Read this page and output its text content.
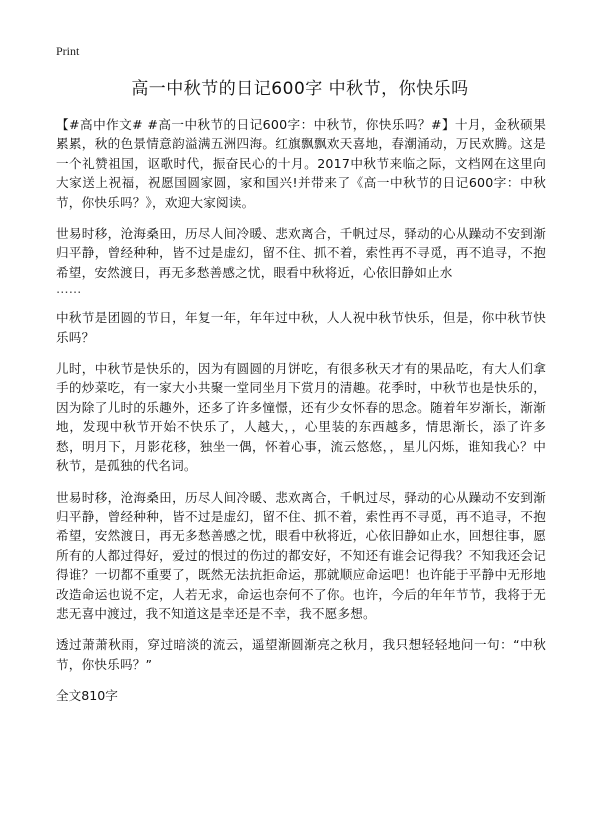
Print
高一中秋节的日记600字 中秋节，你快乐吗

【#高中作文# #高一中秋节的日记600字：中秋节，你快乐吗？#】十月，金秋硕果累累，秋的色景情意韵溢满五洲四海。红旗飘飘欢天喜地，春潮涌动，万民欢腾。这是一个礼赞祖国，讴歌时代，振奋民心的十月。2017中秋节来临之际，文档网在这里向大家送上祝福，祝愿国圆家圆，家和国兴!并带来了《高一中秋节的日记600字：中秋节，你快乐吗？》，欢迎大家阅读。

世易时移，沧海桑田，历尽人间冷暖、悲欢离合，千帆过尽，驿动的心从躁动不安到渐归平静，曾经种种，皆不过是虚幻，留不住、抓不着，索性再不寻觅，再不追寻，不抱希望，安然渡日，再无多愁善感之忧，眼看中秋将近，心依旧静如止水

……

中秋节是团圆的节日，年复一年，年年过中秋，人人祝中秋节快乐，但是，你中秋节快乐吗？

儿时，中秋节是快乐的，因为有圆圆的月饼吃，有很多秋天才有的果品吃，有大人们拿手的炒菜吃，有一家大小共聚一堂同坐月下赏月的清趣。花季时，中秋节也是快乐的，因为除了儿时的乐趣外，还多了许多憧憬，还有少女怀春的思念。随着年岁渐长，渐渐地，发现中秋节开始不快乐了，人越大，，心里装的东西越多，情思渐长，添了许多愁，明月下，月影花移，独坐一偶，怀着心事，流云悠悠，，星儿闪烁，谁知我心？中秋节，是孤独的代名词。

世易时移，沧海桑田，历尽人间冷暖、悲欢离合，千帆过尽，驿动的心从躁动不安到渐归平静，曾经种种，皆不过是虚幻，留不住、抓不着，索性再不寻觅，再不追寻，不抱希望，安然渡日，再无多愁善感之忧，眼看中秋将近，心依旧静如止水，回想往事，愿所有的人都过得好，爱过的恨过的伤过的都安好，不知还有谁会记得我？不知我还会记得谁？一切都不重要了，既然无法抗拒命运，那就顺应命运吧！也许能于平静中无形地改造命运也说不定，人若无求，命运也奈何不了你。也许，今后的年年节节，我将于无悲无喜中渡过，我不知道这是幸还是不幸，我不愿多想。

透过萧萧秋雨，穿过暗淡的流云，遥望渐圆渐亮之秋月，我只想轻轻地问一句：“中秋节，你快乐吗？”

全文810字
